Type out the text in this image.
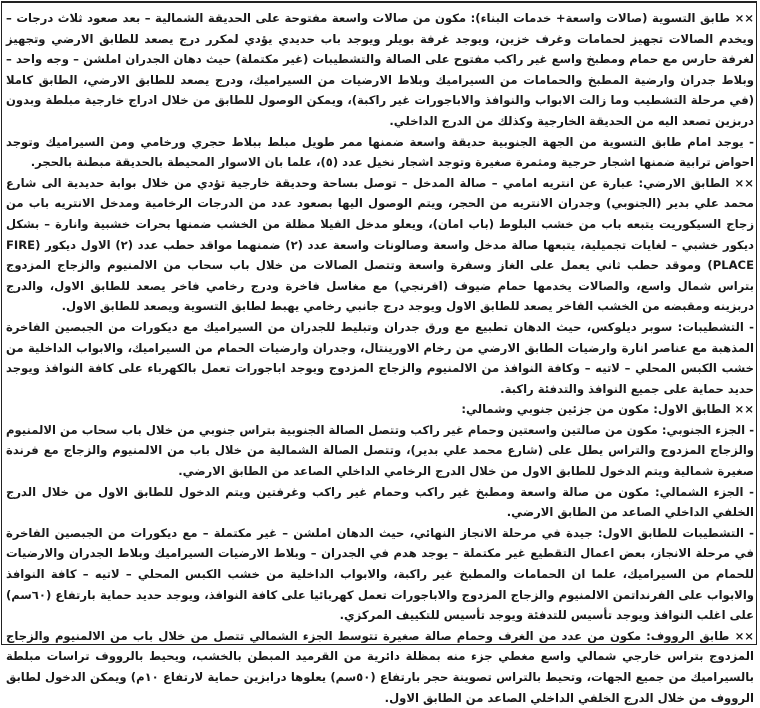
×× طابق التسوية (صالات واسعة+ خدمات البناء): مكون من صالات واسعة مفتوحة على الحديقة الشمالية – بعد صعود ثلاث درجات – ويخدم الصالات تجهيز لحمامات وغرف خزين، ويوجد غرفة بويلر ويوجد باب حديدي يؤدي لمكرر درج يصعد للطابق الارضي وتجهيز لغرفة حارس مع حمام ومطبخ واسع غير راكب مفتوح على الصالة والتشطيبات (غير مكتملة) حيث دهان الجدران املشن – وجه واحد – وبلاط جدران وارضية المطبخ والحمامات من السيراميك وبلاط الارضيات من السيراميك، ودرج يصعد للطابق الارضي، الطابق كاملا (في مرحلة التشطيب وما زالت الابواب والنوافذ والاباجورات غير راكبة)، ويمكن الوصول للطابق من خلال ادراج خارجية مبلطة وبدون دربزين تصعد اليه من الحديقة الخارجية وكذلك من الدرج الداخلي.

- يوجد امام طابق التسوية من الجهة الجنوبية حديقة واسعة ضمنها ممر طويل مبلط ببلاط حجري ورخامي ومن السيراميك وتوجد احواض ترابية ضمنها اشجار حرجية ومثمرة صغيرة وتوجد اشجار نخيل عدد (٥)، علما بان الاسوار المحيطة بالحديقة مبطنة بالحجر.

×× الطابق الارضي: عبارة عن انتريه امامي – صالة المدخل – توصل بساحة وحديقة خارجية تؤدي من خلال بوابة حديدية الى شارع محمد علي بدير (الجنوبي) وجدران الانتريه من الحجر، ويتم الوصول اليها بصعود عدد من الدرجات الرخامية ومدخل الانتريه باب من زجاج السيكوريت يتبعه باب من خشب البلوط (باب امان)، ويعلو مدخل الفيلا مظلة من الخشب ضمنها بحرات خشبية وانارة – بشكل ديكور خشبي – لغايات تجميلية، يتبعها صالة مدخل واسعة وصالونات واسعة عدد (٢) ضمنهما مواقد حطب عدد (٢) الاول ديكور (FIRE PLACE) وموقد حطب ثاني يعمل على الغاز وسفرة واسعة وتتصل الصالات من خلال باب سحاب من الالمنيوم والزجاج المزدوج بتراس شمال واسع، والصالات يخدمها حمام ضيوف (افرنجي) مع مغاسل فاخرة ودرج رخامي فاخر يصعد للطابق الاول، والدرج دربزينه ومقبضه من الخشب الفاخر يصعد للطابق الاول ويوجد درج جانبي رخامي يهبط لطابق التسوية ويصعد للطابق الاول.

- التشطيبات: سوبر ديلوكس، حيث الدهان تطبيع مع ورق جدران وتبليط للجدران من السيراميك مع ديكورات من الجبصين الفاخرة المذهبة مع عناصر انارة وارضيات الطابق الارضي من رخام الاورينتال، وجدران وارضيات الحمام من السيراميك، والابواب الداخلية من خشب الكبس المحلي – لاتيه – وكافة النوافذ من الالمنيوم والزجاج المزدوج ويوجد اباجورات تعمل بالكهرباء على كافة النوافذ ويوجد حديد حماية على جميع النوافذ والتدفئة راكبة.

×× الطابق الاول: مكون من جزئين جنوبي وشمالي:

- الجزء الجنوبي: مكون من صالتين واسعتين وحمام غير راكب وتتصل الصالة الجنوبية بتراس جنوبي من خلال باب سحاب من الالمنيوم والزجاج المزدوج والتراس يطل على (شارع محمد علي بدير)، وتتصل الصالة الشمالية من خلال باب من الالمنيوم والزجاج مع فرندة صغيرة شمالية ويتم الدخول للطابق الاول من خلال الدرج الرخامي الداخلي الصاعد من الطابق الارضي.

- الجزء الشمالي: مكون من صالة واسعة ومطبخ غير راكب وحمام غير راكب وغرفتين ويتم الدخول للطابق الاول من خلال الدرج الخلفي الداخلي الصاعد من الطابق الارضي.

- التشطيبات للطابق الاول: جيدة في مرحلة الانجاز النهائي، حيث الدهان املشن – غير مكتملة – مع ديكورات من الجبصين الفاخرة في مرحلة الانجاز، بعض اعمال التقطيع غير مكتملة – يوجد هدم في الجدران – وبلاط الارضيات السيراميك وبلاط الجدران والارضيات للحمام من السيراميك، علما ان الحمامات والمطبخ غير راكبة، والابواب الداخلية من خشب الكبس المحلي – لاتيه – كافة النوافذ والابواب على الفرنداتمن الالمنيوم والزجاج المزدوج والاباجورات تعمل كهربائيا على كافة النوافذ، ويوجد حديد حماية بارتفاع (٦٠سم) على اغلب النوافذ ويوجد تأسيس للتدفئة ويوجد تأسيس للتكييف المركزي.

×× طابق الرووف: مكون من عدد من الغرف وحمام صالة صغيرة تتوسط الجزء الشمالي تتصل من خلال باب من الالمنيوم والزجاج المزدوج بتراس خارجي شمالي واسع مغطي جزء منه بمظلة دائرية من القرميد المبطن بالخشب، ويحيط بالرووف تراسات مبلطة بالسيراميك من جميع الجهات، وتحيط بالتراس تصوينة حجر بارتفاع (٥٠سم) يعلوها درابزين حماية لارتفاع ١٠م) ويمكن الدخول لطابق الرووف من خلال الدرج الخلفي الداخلي الصاعد من الطابق الاول.
